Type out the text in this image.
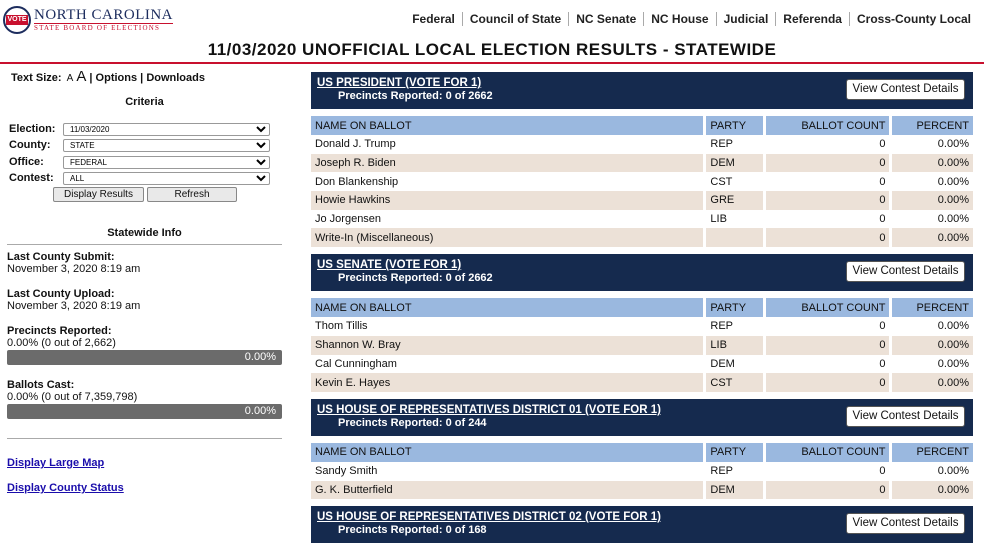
VOTE NORTH CAROLINA
STATE BOARD OF ELECTIONS
Federal	Council of State	NC Senate	NC House	Judicial	Referenda	Cross-County Local
11/03/2020 UNOFFICIAL LOCAL ELECTION RESULTS - STATEWIDE
Text Size: A A | Options | Downloads
Criteria
Election:
11/03/2020
County:
STATE
Office:
FEDERAL
Contest:
ALL
Display Results	Refresh
Statewide Info
Last County Submit:
November 3, 2020 8:19 am
Last County Upload:
November 3, 2020 8:19 am
Precincts Reported:
0.00% (0 out of 2,662)
0.00%
Ballots Cast:
0.00% (0 out of 7,359,798)
0.00%
Display Large Map
Display County Status
US PRESIDENT (VOTE FOR 1)
Precincts Reported: 0 of 2662
View Contest Details
NAME ON BALLOT	PARTY	BALLOT COUNT	PERCENT
Donald J. Trump	REP	0	0.00%
Joseph R. Biden	DEM	0	0.00%
Don Blankenship	CST	0	0.00%
Howie Hawkins	GRE	0	0.00%
Jo Jorgensen	LIB	0	0.00%
Write-In (Miscellaneous)		0	0.00%
US SENATE (VOTE FOR 1)
Precincts Reported: 0 of 2662
View Contest Details
NAME ON BALLOT	PARTY	BALLOT COUNT	PERCENT
Thom Tillis	REP	0	0.00%
Shannon W. Bray	LIB	0	0.00%
Cal Cunningham	DEM	0	0.00%
Kevin E. Hayes	CST	0	0.00%
US HOUSE OF REPRESENTATIVES DISTRICT 01 (VOTE FOR 1)
Precincts Reported: 0 of 244
View Contest Details
NAME ON BALLOT	PARTY	BALLOT COUNT	PERCENT
Sandy Smith	REP	0	0.00%
G. K. Butterfield	DEM	0	0.00%
US HOUSE OF REPRESENTATIVES DISTRICT 02 (VOTE FOR 1)
Precincts Reported: 0 of 168
View Contest Details
